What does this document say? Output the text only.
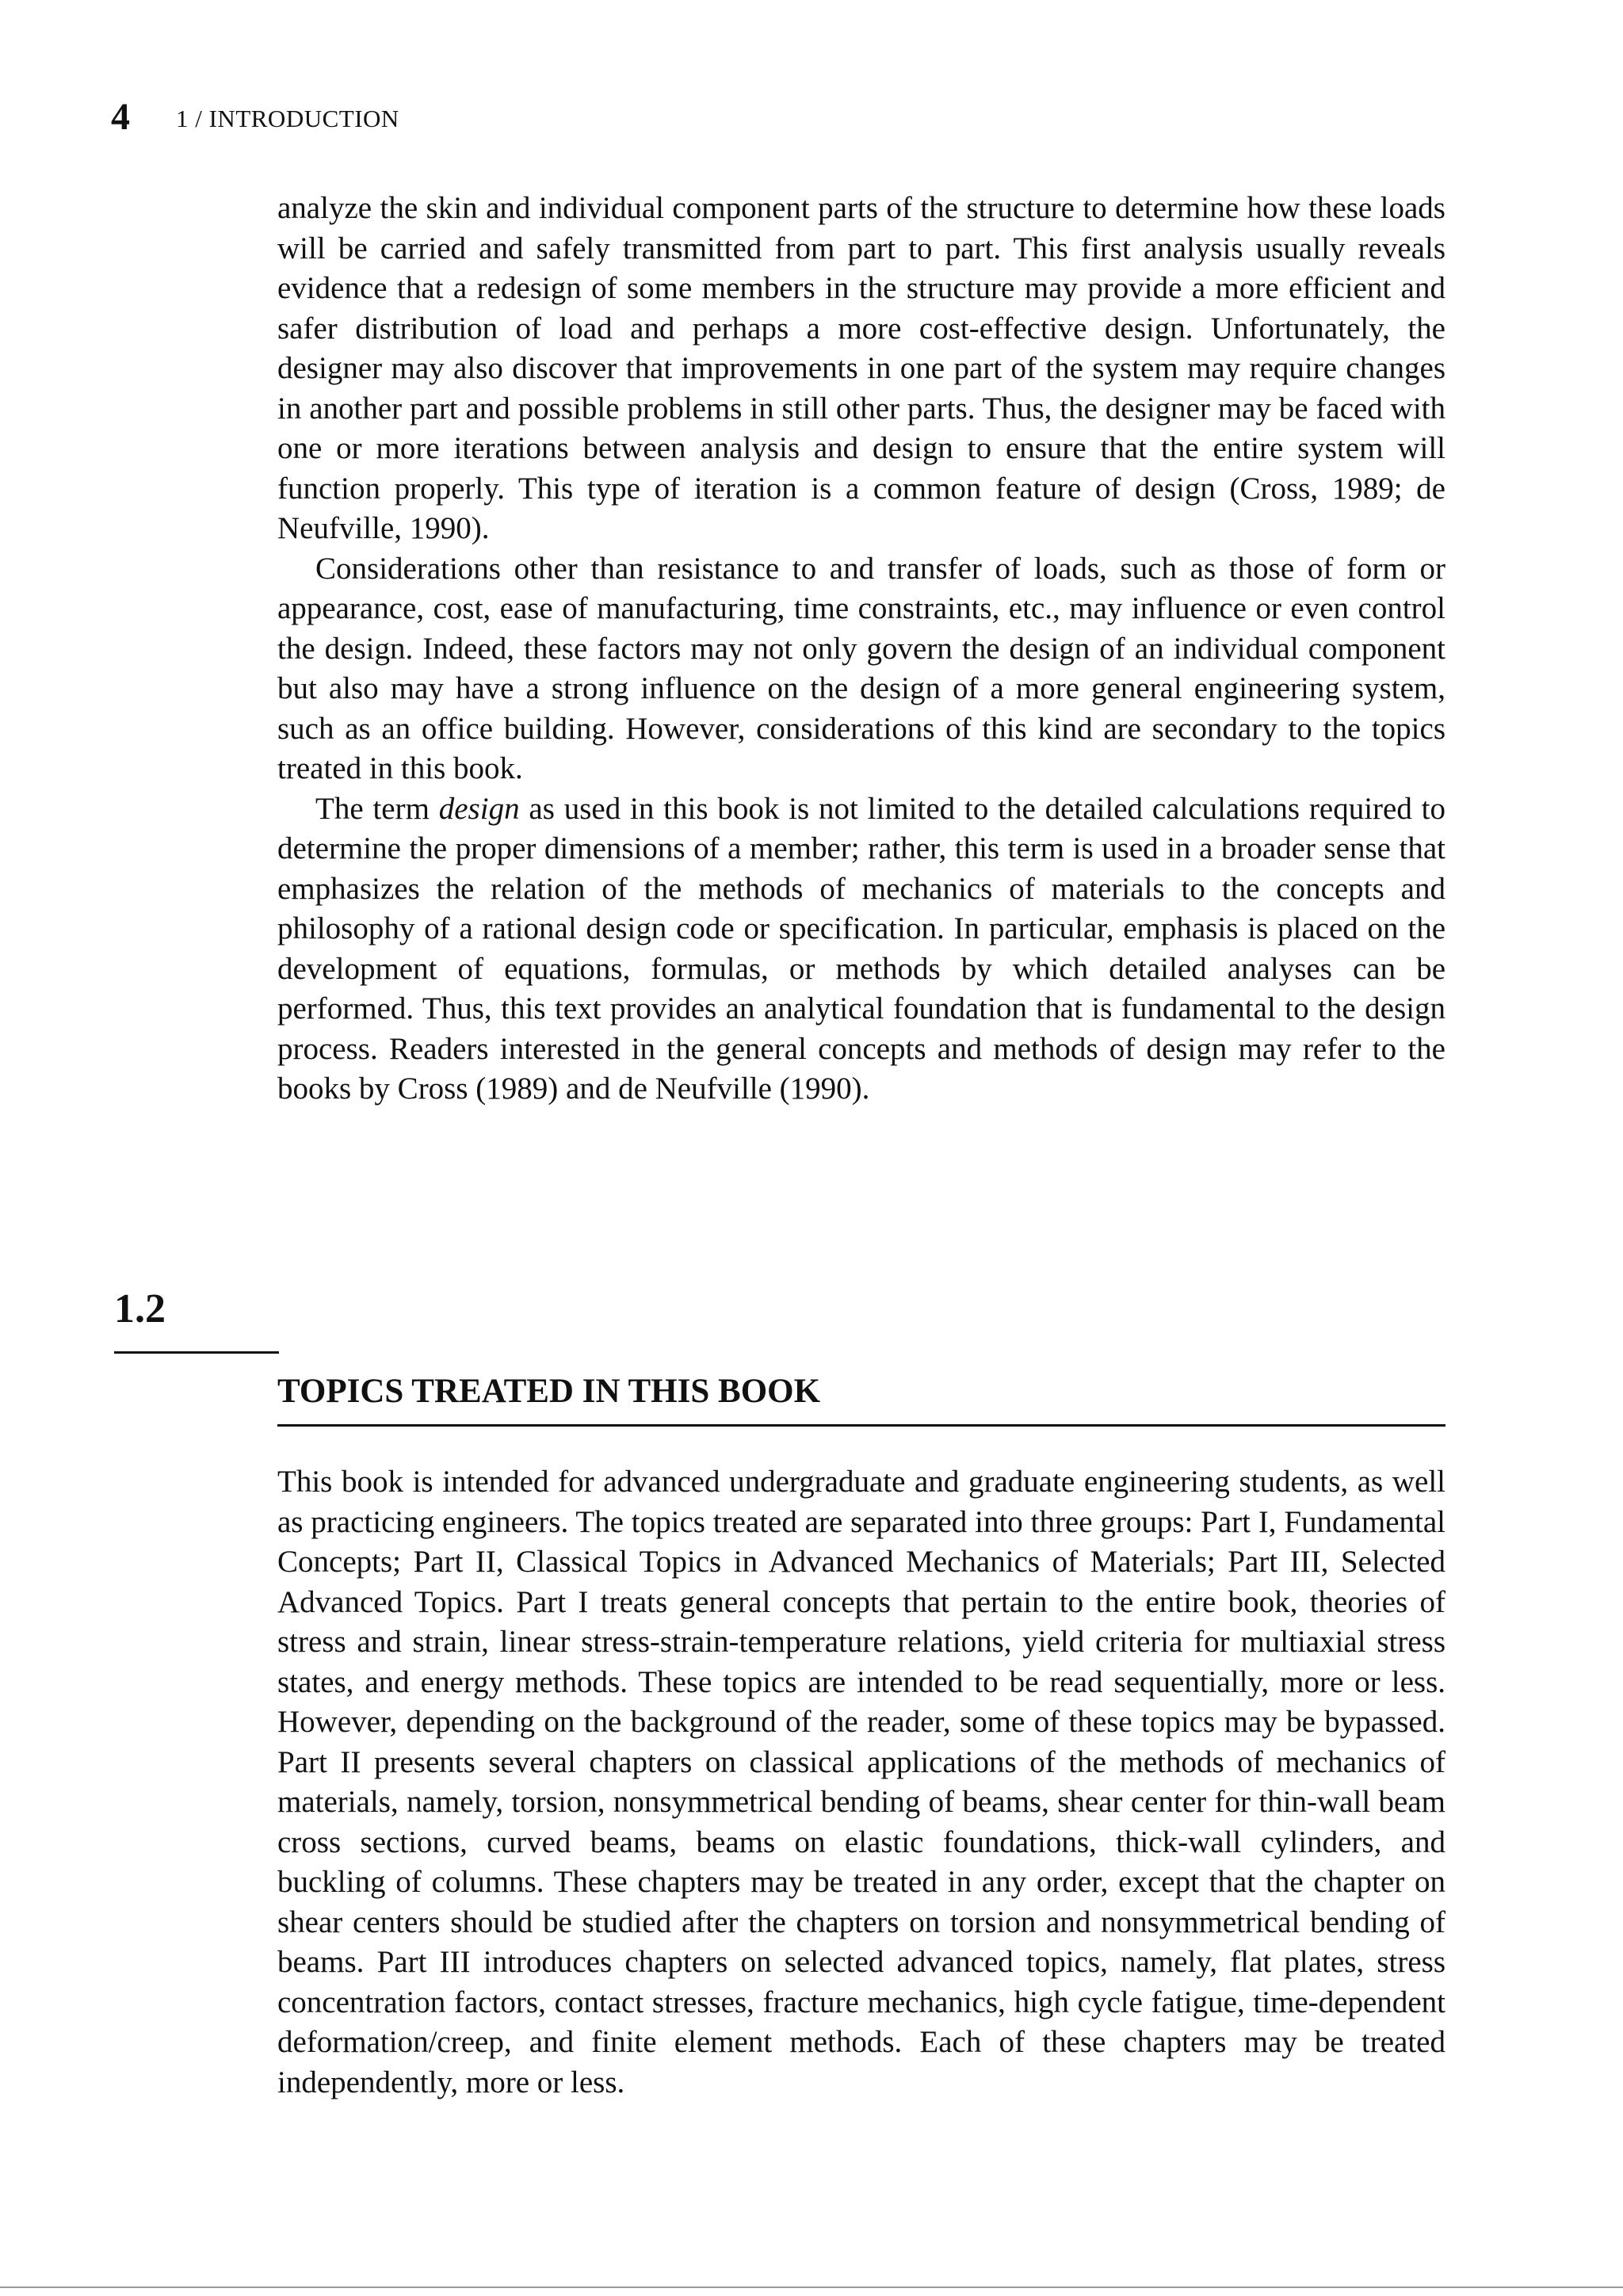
4 1 / INTRODUCTION

analyze the skin and individual component parts of the structure to determine how these loads will be carried and safely transmitted from part to part. This first analysis usually reveals evidence that a redesign of some members in the structure may provide a more efficient and safer distribution of load and perhaps a more cost-effective design. Unfortunately, the designer may also discover that improvements in one part of the system may require changes in another part and possible problems in still other parts. Thus, the designer may be faced with one or more iterations between analysis and design to ensure that the entire system will function properly. This type of iteration is a common feature of design (Cross, 1989; de Neufville, 1990).

Considerations other than resistance to and transfer of loads, such as those of form or appearance, cost, ease of manufacturing, time constraints, etc., may influence or even control the design. Indeed, these factors may not only govern the design of an individual component but also may have a strong influence on the design of a more general engineering system, such as an office building. However, considerations of this kind are secondary to the topics treated in this book.

The term design as used in this book is not limited to the detailed calculations required to determine the proper dimensions of a member; rather, this term is used in a broader sense that emphasizes the relation of the methods of mechanics of materials to the concepts and philosophy of a rational design code or specification. In particular, emphasis is placed on the development of equations, formulas, or methods by which detailed analyses can be performed. Thus, this text provides an analytical foundation that is fundamental to the design process. Readers interested in the general concepts and methods of design may refer to the books by Cross (1989) and de Neufville (1990).

1.2
TOPICS TREATED IN THIS BOOK

This book is intended for advanced undergraduate and graduate engineering students, as well as practicing engineers. The topics treated are separated into three groups: Part I, Fundamental Concepts; Part II, Classical Topics in Advanced Mechanics of Materials; Part III, Selected Advanced Topics. Part I treats general concepts that pertain to the entire book, theories of stress and strain, linear stress-strain-temperature relations, yield criteria for multiaxial stress states, and energy methods. These topics are intended to be read sequentially, more or less. However, depending on the background of the reader, some of these topics may be bypassed. Part II presents several chapters on classical applications of the methods of mechanics of materials, namely, torsion, nonsymmetrical bending of beams, shear center for thin-wall beam cross sections, curved beams, beams on elastic foundations, thick-wall cylinders, and buckling of columns. These chapters may be treated in any order, except that the chapter on shear centers should be studied after the chapters on torsion and nonsymmetrical bending of beams. Part III introduces chapters on selected advanced topics, namely, flat plates, stress concentration factors, contact stresses, fracture mechanics, high cycle fatigue, time-dependent deformation/creep, and finite element methods. Each of these chapters may be treated independently, more or less.
